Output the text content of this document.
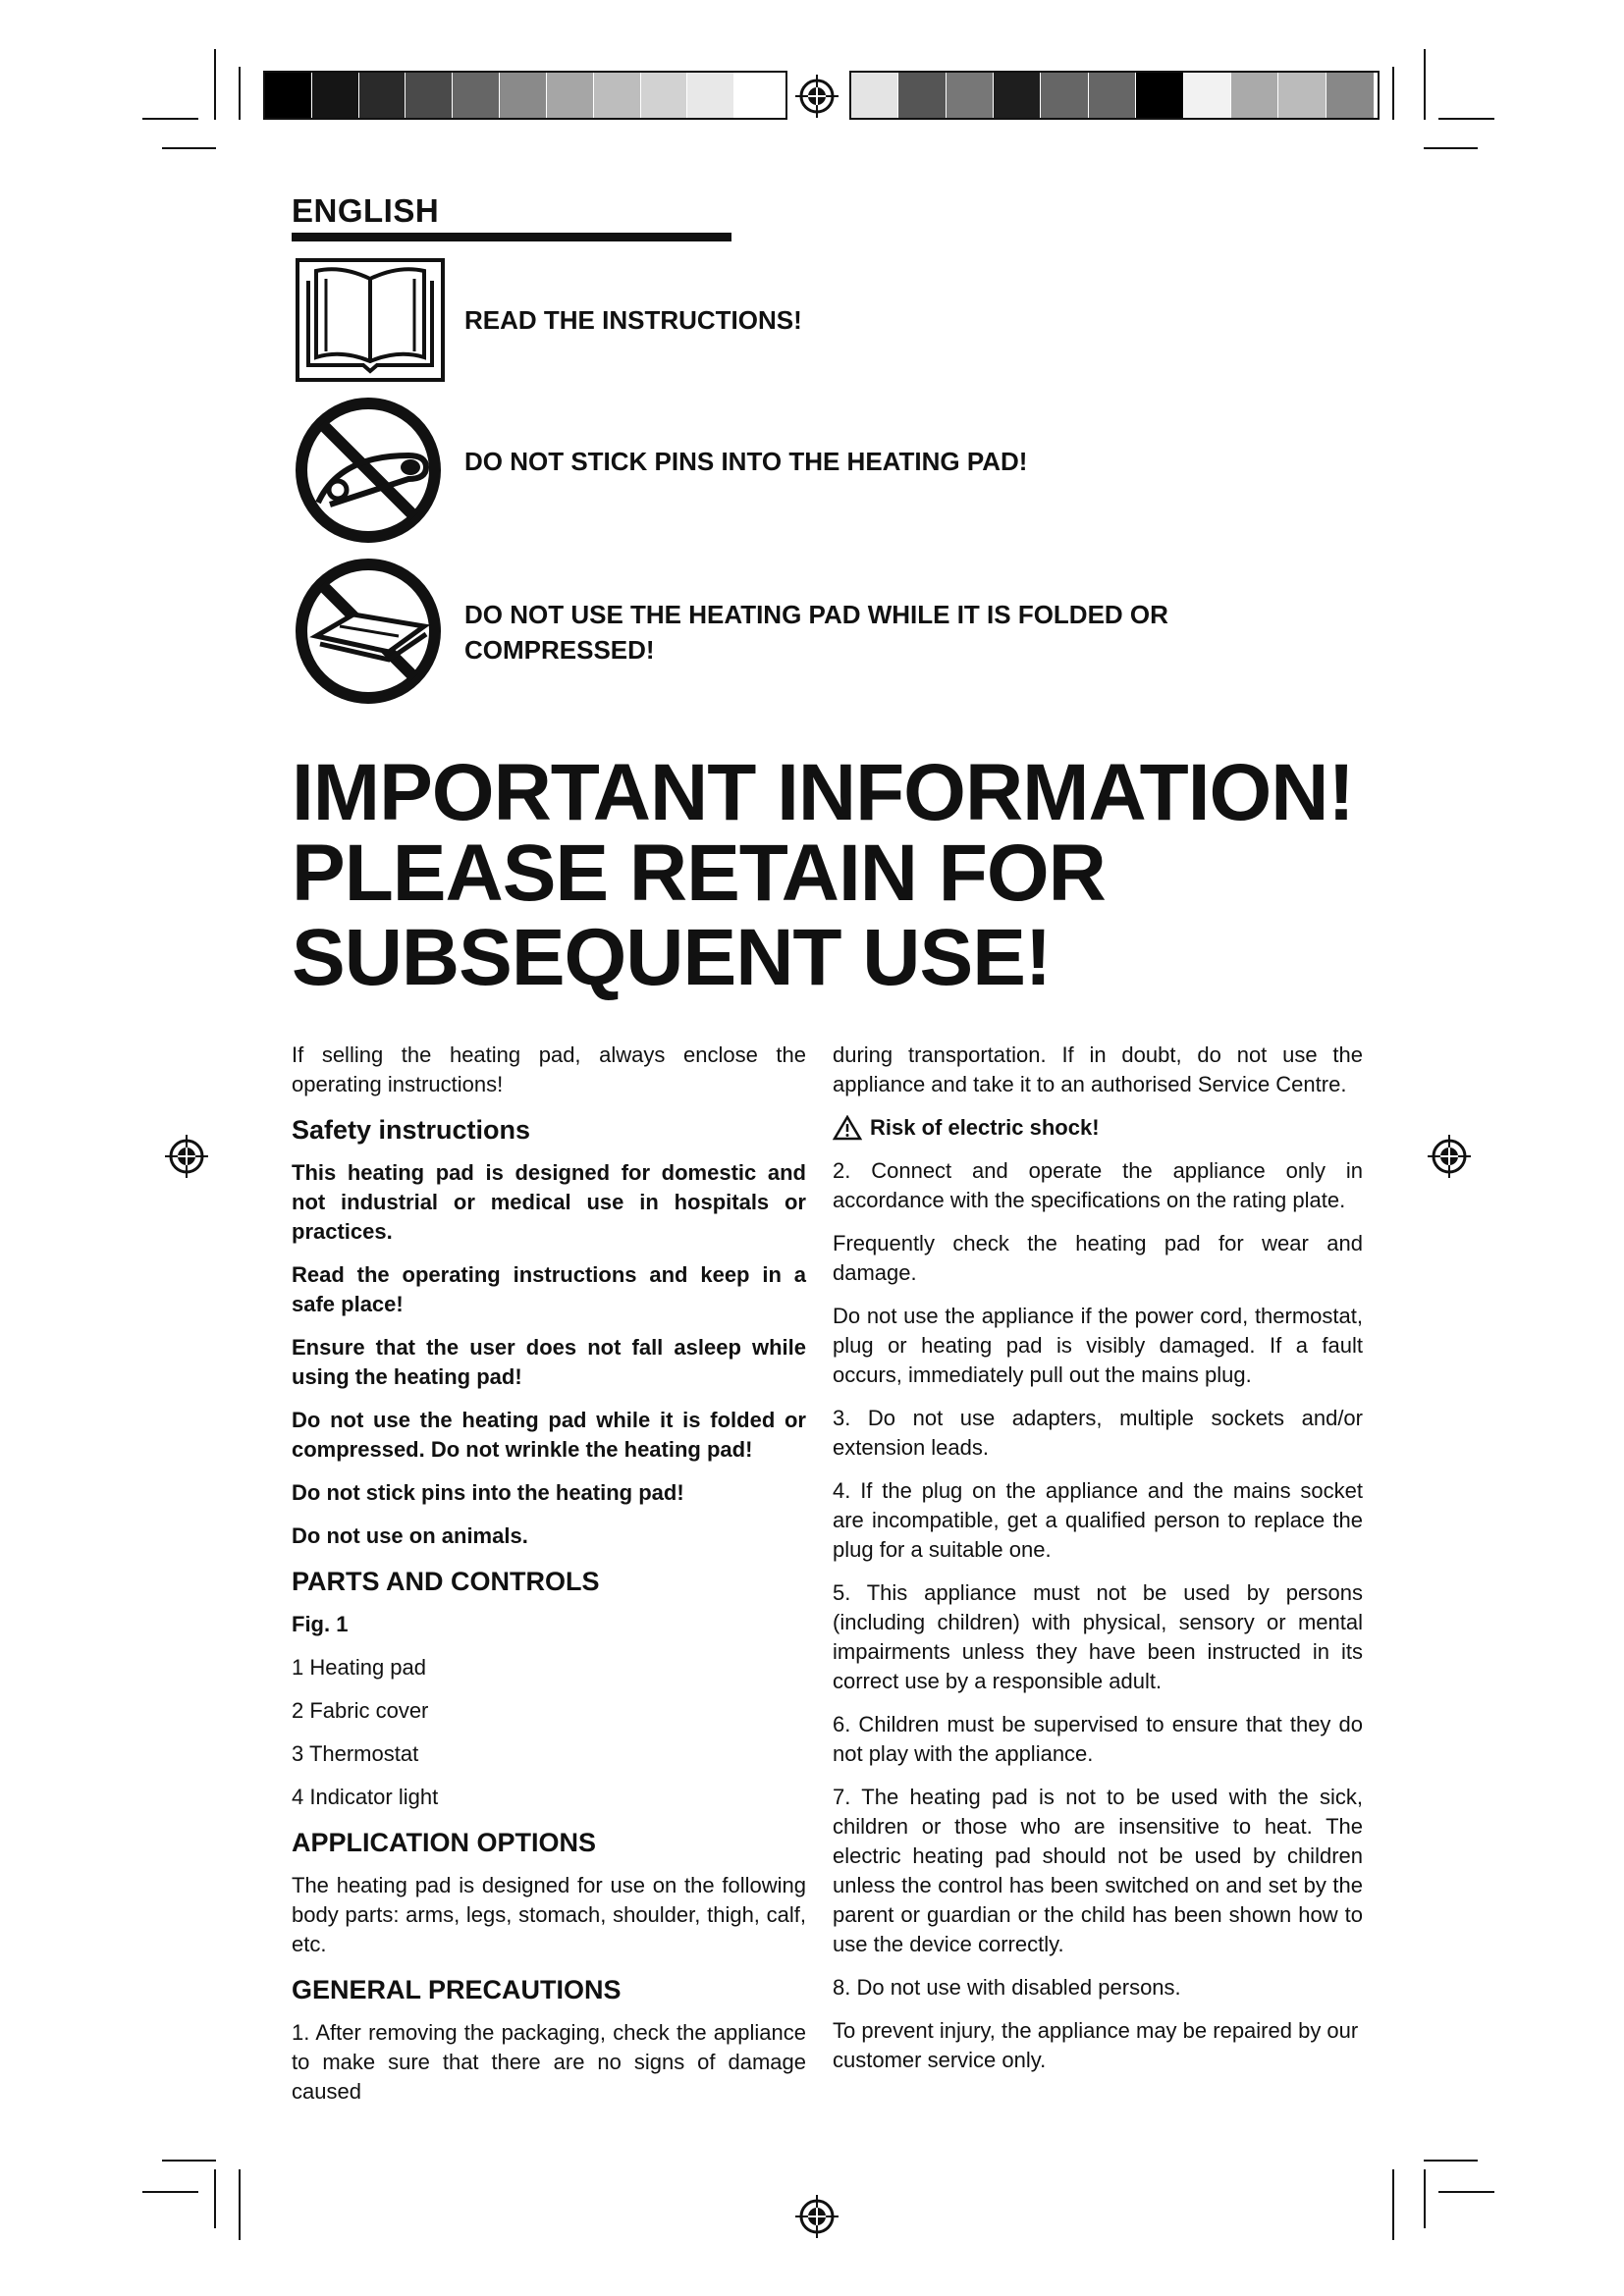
ENGLISH
READ THE INSTRUCTIONS!
DO NOT STICK PINS INTO THE HEATING PAD!
DO NOT USE THE HEATING PAD WHILE IT IS FOLDED OR COMPRESSED!
IMPORTANT INFORMATION!
PLEASE RETAIN FOR
SUBSEQUENT USE!

If selling the heating pad, always enclose the operating instructions!

Safety instructions

This heating pad is designed for domestic and not industrial or medical use in hospitals or practices.

Read the operating instructions and keep in a safe place!

Ensure that the user does not fall asleep while using the heating pad!

Do not use the heating pad while it is folded or compressed. Do not wrinkle the heating pad!

Do not stick pins into the heating pad!

Do not use on animals.

PARTS AND CONTROLS

Fig. 1

1 Heating pad

2 Fabric cover

3 Thermostat

4 Indicator light

APPLICATION OPTIONS

The heating pad is designed for use on the following body parts: arms, legs, stomach, shoulder, thigh, calf, etc.

GENERAL PRECAUTIONS

1. After removing the packaging, check the appliance to make sure that there are no signs of damage caused

during transportation. If in doubt, do not use the appliance and take it to an authorised Service Centre.

Risk of electric shock!

2. Connect and operate the appliance only in accordance with the specifications on the rating plate.

Frequently check the heating pad for wear and damage.

Do not use the appliance if the power cord, thermostat, plug or heating pad is visibly damaged. If a fault occurs, immediately pull out the mains plug.

3. Do not use adapters, multiple sockets and/or extension leads.

4. If the plug on the appliance and the mains socket are incompatible, get a qualified person to replace the plug for a suitable one.

5. This appliance must not be used by persons (including children) with physical, sensory or mental impairments unless they have been instructed in its correct use by a responsible adult.

6. Children must be supervised to ensure that they do not play with the appliance.

7. The heating pad is not to be used with the sick, children or those who are insensitive to heat. The electric heating pad should not be used by children unless the control has been switched on and set by the parent or guardian or the child has been shown how to use the device correctly.

8. Do not use with disabled persons.

To prevent injury, the appliance may be repaired by our customer service only.
